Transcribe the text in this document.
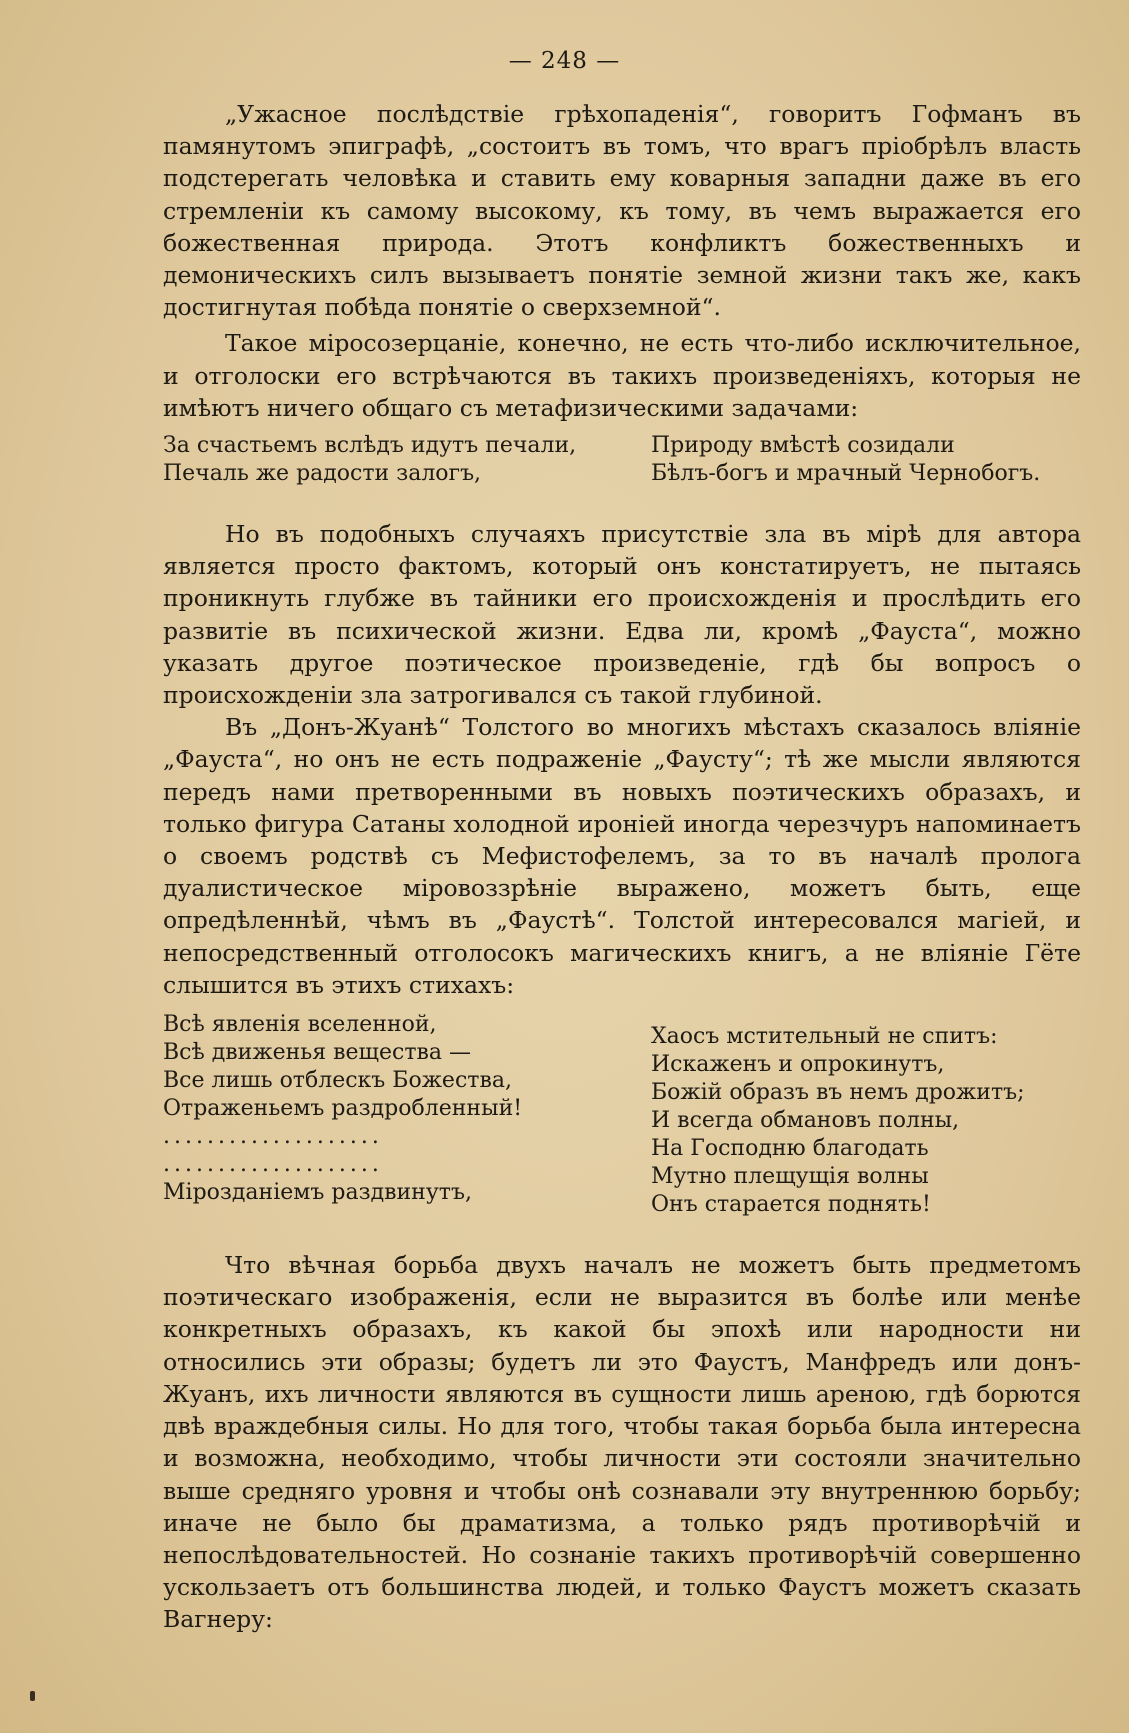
— 248 —

„Ужасное послѣдствіе грѣхопаденія“, говоритъ Гофманъ въ памянутомъ эпиграфѣ, „состоитъ въ томъ, что врагъ пріобрѣлъ власть подстерегать человѣка и ставить ему коварныя западни даже въ его стремленіи къ самому высокому, къ тому, въ чемъ выражается его божественная природа. Этотъ конфликтъ божественныхъ и демоническихъ силъ вызываетъ понятіе земной жизни такъ же, какъ достигнутая побѣда понятіе о сверхземной“.

Такое міросозерцаніе, конечно, не есть что-либо исключительное, и отголоски его встрѣчаются въ такихъ произведеніяхъ, которыя не имѣютъ ничего общаго съ метафизическими задачами:

За счастьемъ вслѣдъ идутъ печали,
Печаль же радости залогъ,
Природу вмѣстѣ созидали
Бѣлъ-богъ и мрачный Чернобогъ.

Но въ подобныхъ случаяхъ присутствіе зла въ мірѣ для автора является просто фактомъ, который онъ констатируетъ, не пытаясь проникнуть глубже въ тайники его происхожденія и прослѣдить его развитіе въ психической жизни. Едва ли, кромѣ „Фауста“, можно указать другое поэтическое произведеніе, гдѣ бы вопросъ о происхожденіи зла затрогивался съ такой глубиной.

Въ „Донъ-Жуанѣ“ Толстого во многихъ мѣстахъ сказалось вліяніе „Фауста“, но онъ не есть подраженіе „Фаусту“; тѣ же мысли являются передъ нами претворенными въ новыхъ поэтическихъ образахъ, и только фигура Сатаны холодной ироніей иногда черезчуръ напоминаетъ о своемъ родствѣ съ Мефистофелемъ, за то въ началѣ пролога дуалистическое міровоззрѣніе выражено, можетъ быть, еще опредѣленнѣй, чѣмъ въ „Фаустѣ“. Толстой интересовался магіей, и непосредственный отголосокъ магическихъ книгъ, а не вліяніе Гёте слышится въ этихъ стихахъ:

Всѣ явленія вселенной,
Всѣ движенья вещества —
Все лишь отблескъ Божества,
Отраженьемъ раздробленный!
....................
....................
Мірозданіемъ раздвинутъ,
Хаосъ мстительный не спитъ:
Искаженъ и опрокинутъ,
Божій образъ въ немъ дрожитъ;
И всегда обмановъ полны,
На Господню благодать
Мутно плещущія волны
Онъ старается поднять!

Что вѣчная борьба двухъ началъ не можетъ быть предметомъ поэтическаго изображенія, если не выразится въ болѣе или менѣе конкретныхъ образахъ, къ какой бы эпохѣ или народности ни относились эти образы; будетъ ли это Фаустъ, Манфредъ или донъ-Жуанъ, ихъ личности являются въ сущности лишь ареною, гдѣ борются двѣ враждебныя силы. Но для того, чтобы такая борьба была интересна и возможна, необходимо, чтобы личности эти состояли значительно выше средняго уровня и чтобы онѣ сознавали эту внутреннюю борьбу; иначе не было бы драматизма, а только рядъ противорѣчій и непослѣдовательностей. Но сознаніе такихъ противорѣчій совершенно ускользаетъ отъ большинства людей, и только Фаустъ можетъ сказать Вагнеру:
